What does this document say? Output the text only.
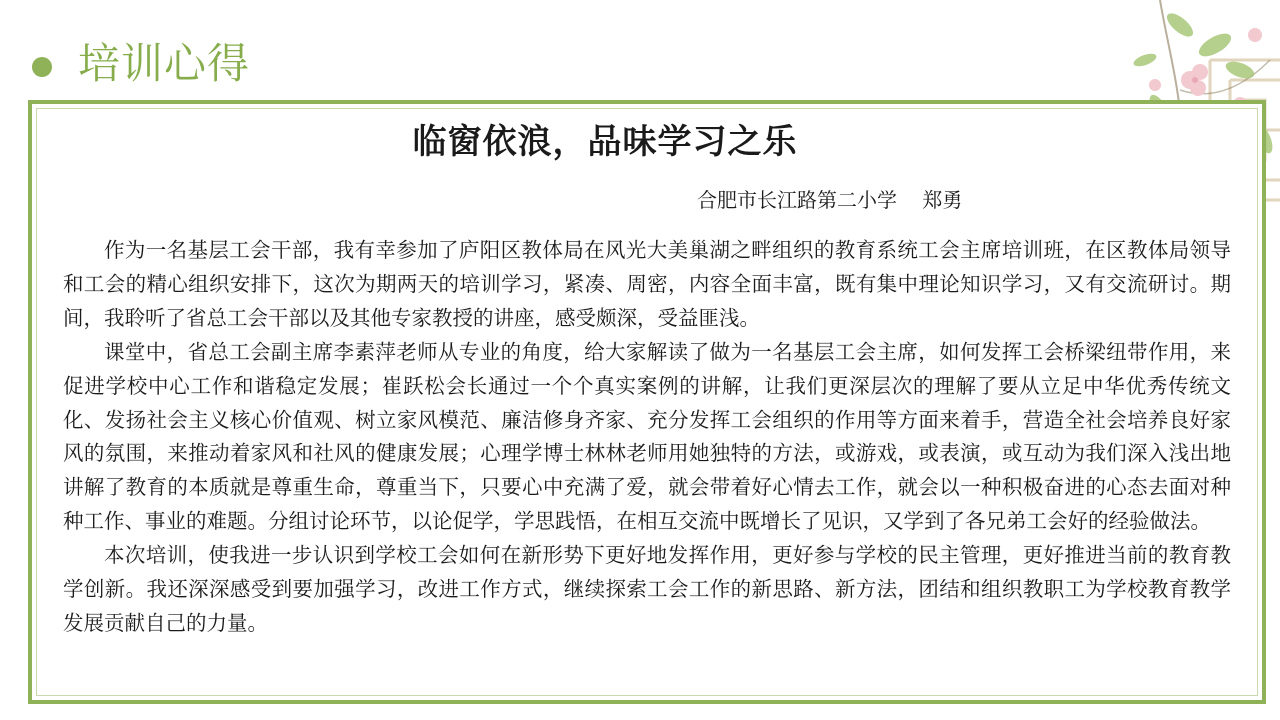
培训心得

临窗依浪，品味学习之乐
合肥市长江路第二小学    郑勇

作为一名基层工会干部，我有幸参加了庐阳区教体局在风光大美巢湖之畔组织的教育系统工会主席培训班，在区教体局领导和工会的精心组织安排下，这次为期两天的培训学习，紧凑、周密，内容全面丰富，既有集中理论知识学习，又有交流研讨。期间，我聆听了省总工会干部以及其他专家教授的讲座，感受颇深，受益匪浅。

课堂中，省总工会副主席李素萍老师从专业的角度，给大家解读了做为一名基层工会主席，如何发挥工会桥梁纽带作用，来促进学校中心工作和谐稳定发展；崔跃松会长通过一个个真实案例的讲解，让我们更深层次的理解了要从立足中华优秀传统文化、发扬社会主义核心价值观、树立家风模范、廉洁修身齐家、充分发挥工会组织的作用等方面来着手，营造全社会培养良好家风的氛围，来推动着家风和社风的健康发展；心理学博士林林老师用她独特的方法，或游戏，或表演，或互动为我们深入浅出地讲解了教育的本质就是尊重生命，尊重当下，只要心中充满了爱，就会带着好心情去工作，就会以一种积极奋进的心态去面对种种工作、事业的难题。分组讨论环节，以论促学，学思践悟，在相互交流中既增长了见识，又学到了各兄弟工会好的经验做法。

本次培训，使我进一步认识到学校工会如何在新形势下更好地发挥作用，更好参与学校的民主管理，更好推进当前的教育教学创新。我还深深感受到要加强学习，改进工作方式，继续探索工会工作的新思路、新方法，团结和组织教职工为学校教育教学发展贡献自己的力量。
